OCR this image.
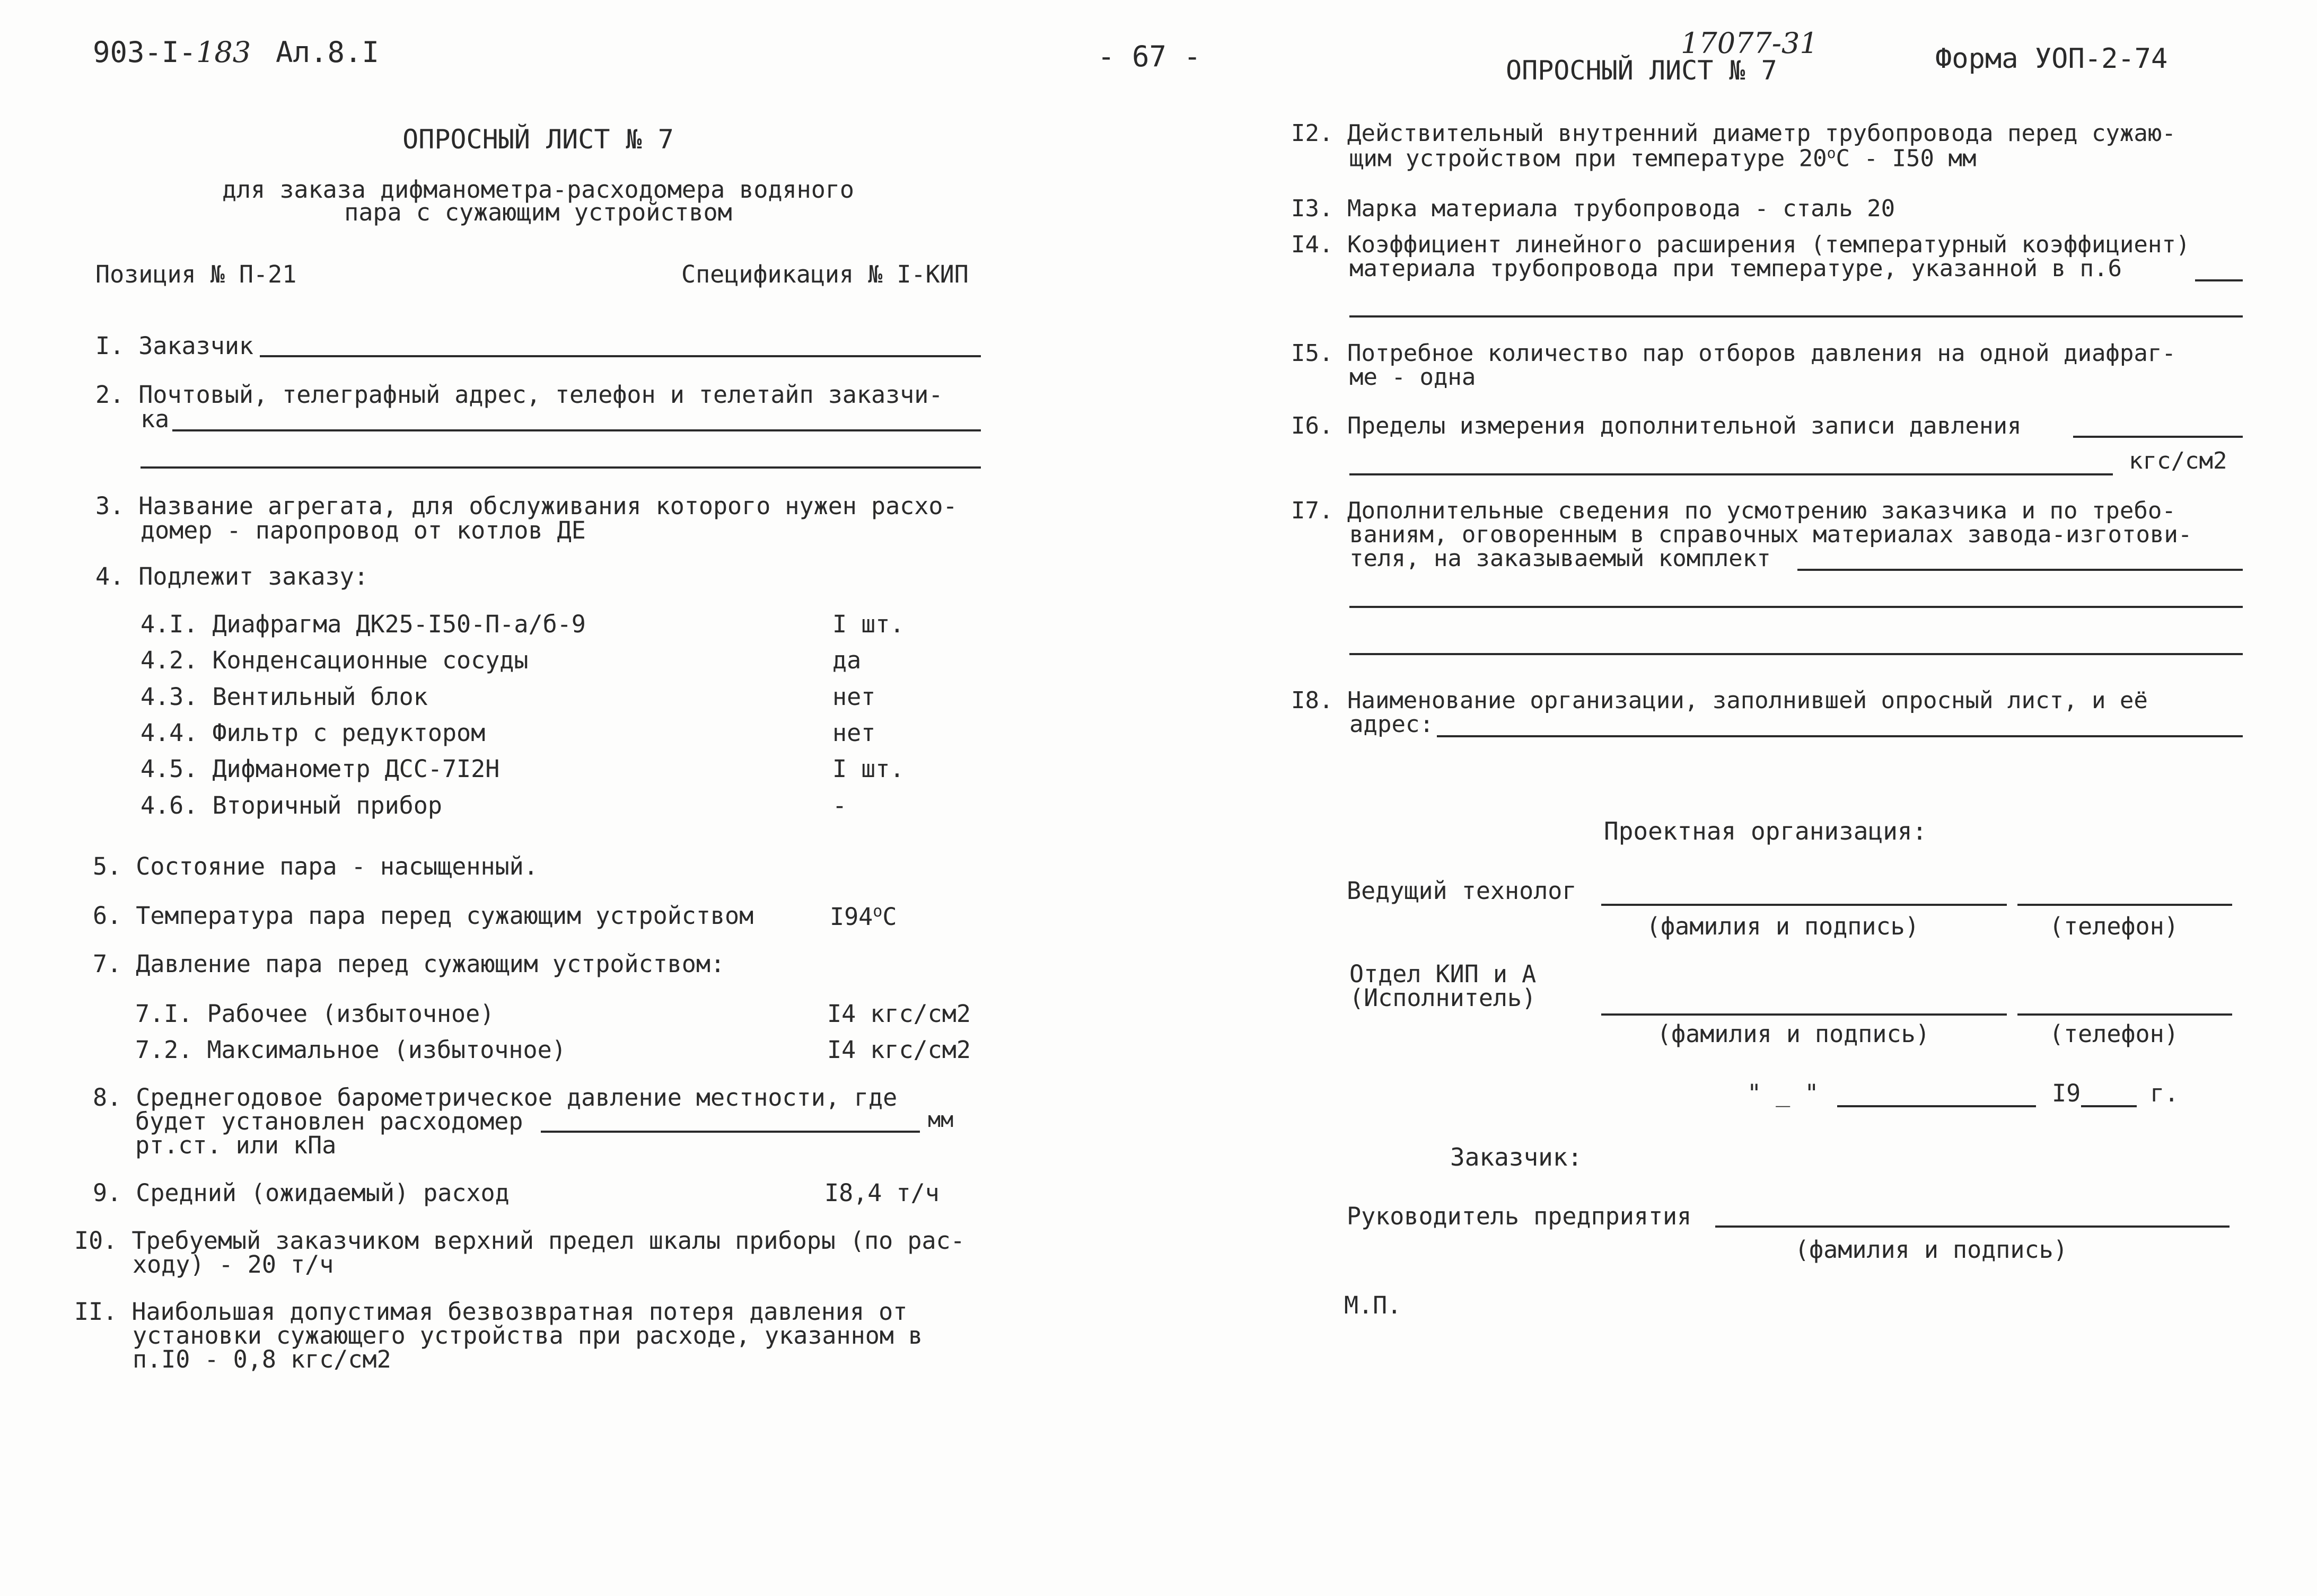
903-I-183 Ал.8.I	- 67 -	17077-31	Форма УОП-2-74
ОПРОСНЫЙ ЛИСТ № 7
для заказа дифманометра-расходомера водяного
пара с сужающим устройством
Позиция № П-21	Спецификация № I-КИП
I. Заказчик
2. Почтовый, телеграфный адрес, телефон и телетайп заказчи-
ка
3. Название агрегата, для обслуживания которого нужен расхо-
домер - паропровод от котлов ДЕ
4. Подлежит заказу:
4.I. Диафрагма ДК25-I50-П-а/б-9	I шт.
4.2. Конденсационные сосуды	да
4.3. Вентильный блок	нет
4.4. Фильтр с редуктором	нет
4.5. Дифманометр ДСС-7I2Н	I шт.
4.6. Вторичный прибор	-
5. Состояние пара - насыщенный.
6. Температура пара перед сужающим устройством	$I94^оС$
7. Давление пара перед сужающим устройством:
7.I. Рабочее (избыточное)	I4 кгс/см2
7.2. Максимальное (избыточное)	I4 кгс/см2
8. Среднегодовое барометрическое давление местности, где
будет установлен расходомер	мм
рт.ст. или кПа
9. Средний (ожидаемый) расход	I8,4 т/ч
I0. Требуемый заказчиком верхний предел шкалы приборы (по рас-
ходу) - 20 т/ч
II. Наибольшая допустимая безвозвратная потеря давления от
установки сужающего устройства при расходе, указанном в
п.I0 - 0,8 кгс/см2
ОПРОСНЫЙ ЛИСТ № 7
I2. Действительный внутренний диаметр трубопровода перед сужаю-
щим устройством при температуре $20^оС - I50$ мм
I3. Марка материала трубопровода - сталь 20
I4. Коэффициент линейного расширения (температурный коэффициент)
материала трубопровода при температуре, указанной в п.6
I5. Потребное количество пар отборов давления на одной диафраг-
ме - одна
I6. Пределы измерения дополнительной записи давления
кгс/см2
I7. Дополнительные сведения по усмотрению заказчика и по требо-
ваниям, оговоренным в справочных материалах завода-изготови-
теля, на заказываемый комплект
I8. Наименование организации, заполнившей опросный лист, и её
адрес:
Проектная организация:
Ведущий технолог
(фамилия и подпись)	(телефон)
Отдел КИП и А
(Исполнитель)
(фамилия и подпись)	(телефон)
" _ "	I9	г.
Заказчик:
Руководитель предприятия
(фамилия и подпись)
М.П.
